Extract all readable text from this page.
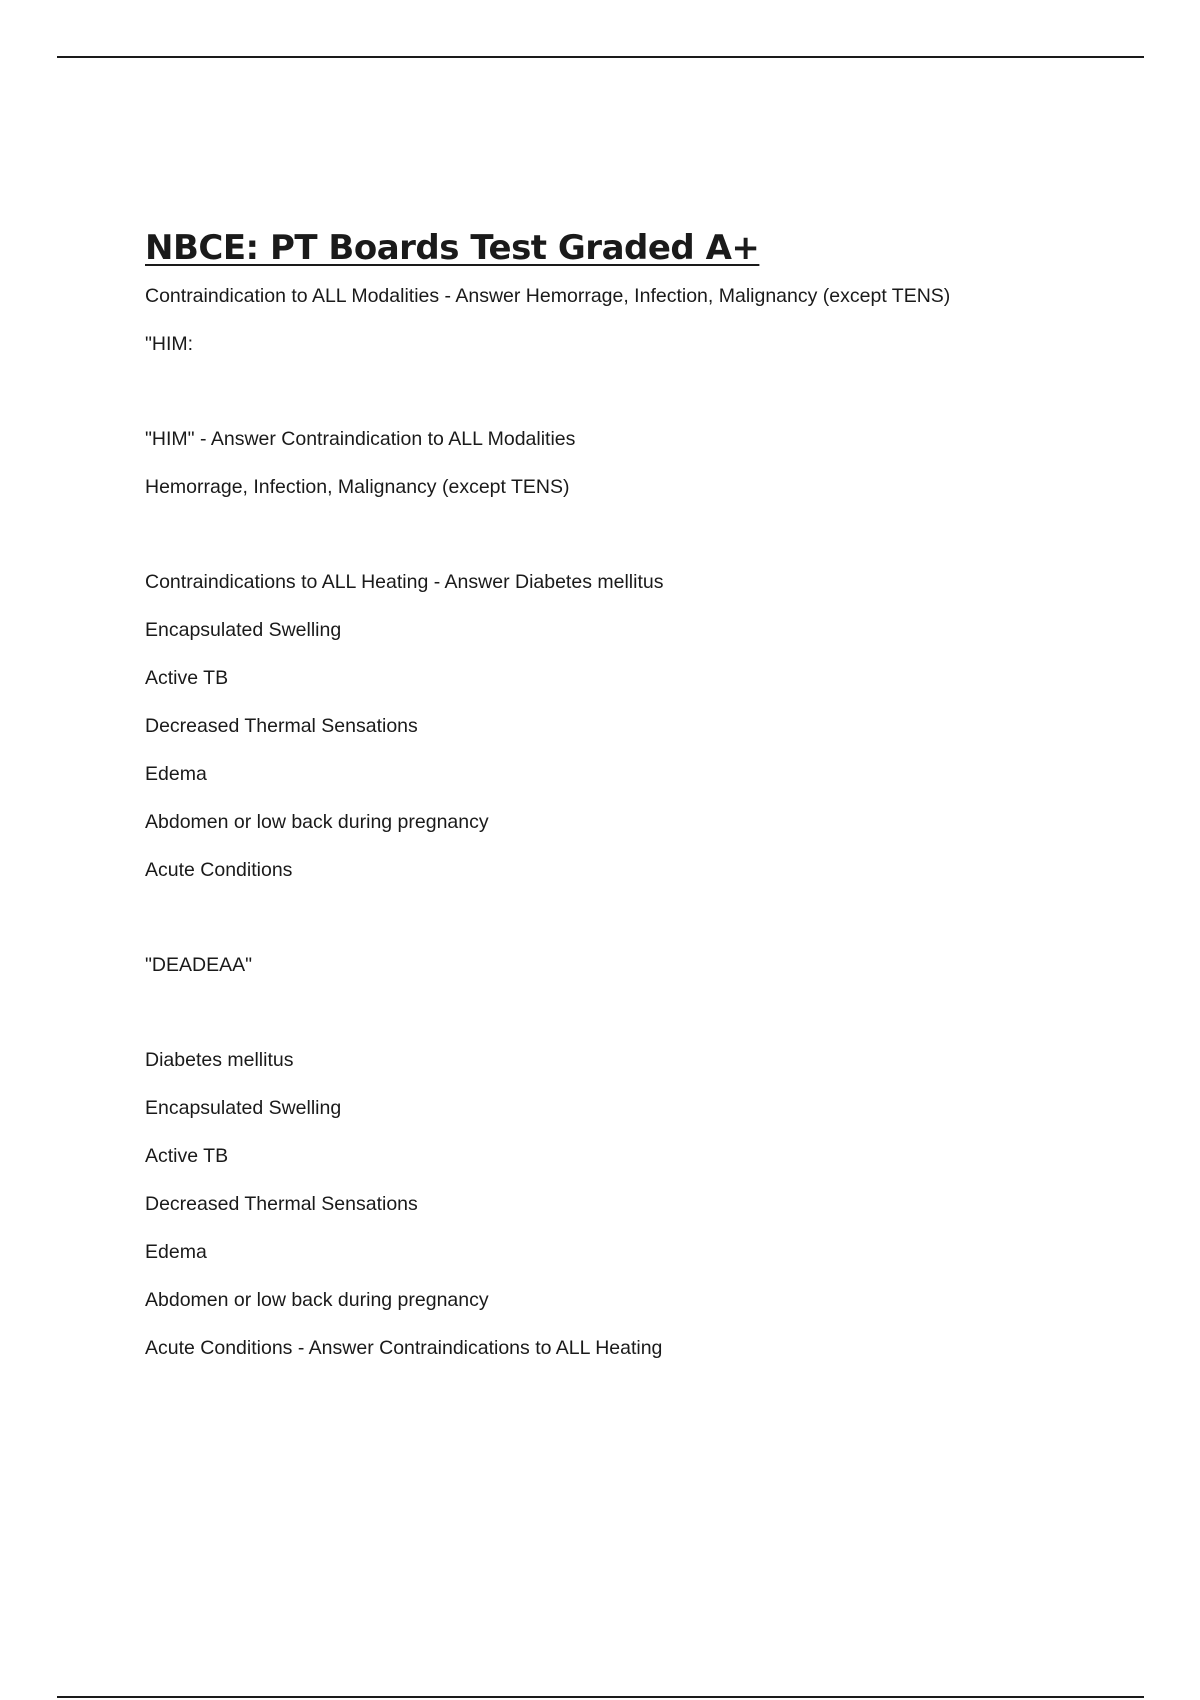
NBCE: PT Boards Test Graded A+
Contraindication to ALL Modalities - Answer Hemorrage, Infection, Malignancy (except TENS)
"HIM:
"HIM" - Answer Contraindication to ALL Modalities
Hemorrage, Infection, Malignancy (except TENS)
Contraindications to ALL Heating - Answer Diabetes mellitus
Encapsulated Swelling
Active TB
Decreased Thermal Sensations
Edema
Abdomen or low back during pregnancy
Acute Conditions
"DEADEAA"
Diabetes mellitus
Encapsulated Swelling
Active TB
Decreased Thermal Sensations
Edema
Abdomen or low back during pregnancy
Acute Conditions - Answer Contraindications to ALL Heating
